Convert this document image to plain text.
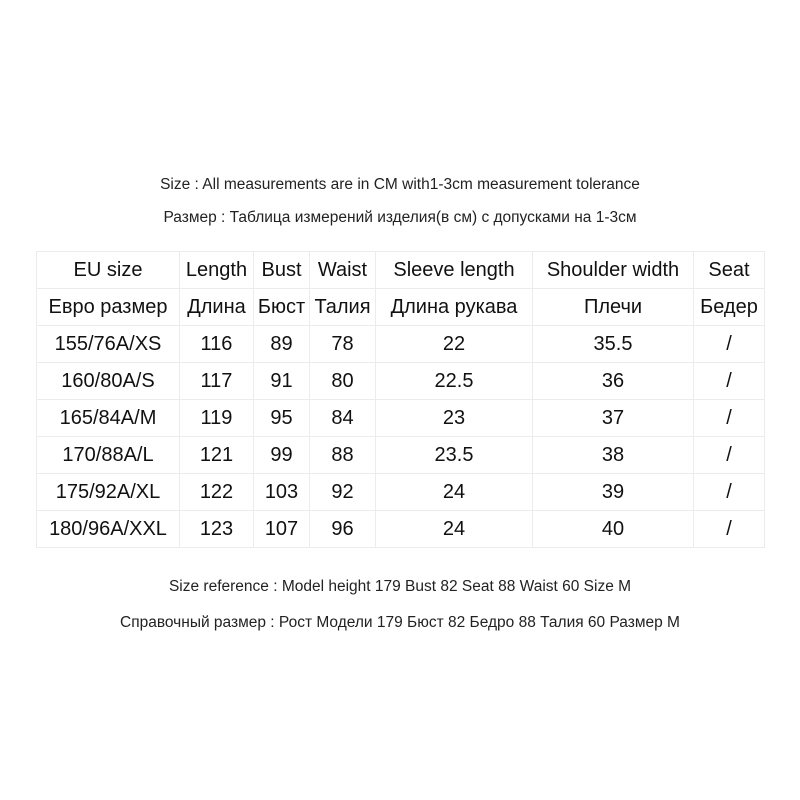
Size : All measurements are in CM with1-3cm measurement tolerance
Размер : Таблица измерений изделия(в см) с допусками на 1-3см
EU size	Length	Bust	Waist	Sleeve length	Shoulder width	Seat
Евро размер	Длина	Бюст	Талия	Длина рукава	Плечи	Бедер
155/76A/XS	116	89	78	22	35.5	/
160/80A/S	117	91	80	22.5	36	/
165/84A/M	119	95	84	23	37	/
170/88A/L	121	99	88	23.5	38	/
175/92A/XL	122	103	92	24	39	/
180/96A/XXL	123	107	96	24	40	/
Size reference : Model height 179 Bust 82 Seat 88 Waist 60 Size M
Справочный размер : Рост Модели 179 Бюст 82 Бедро 88 Талия 60 Размер M
